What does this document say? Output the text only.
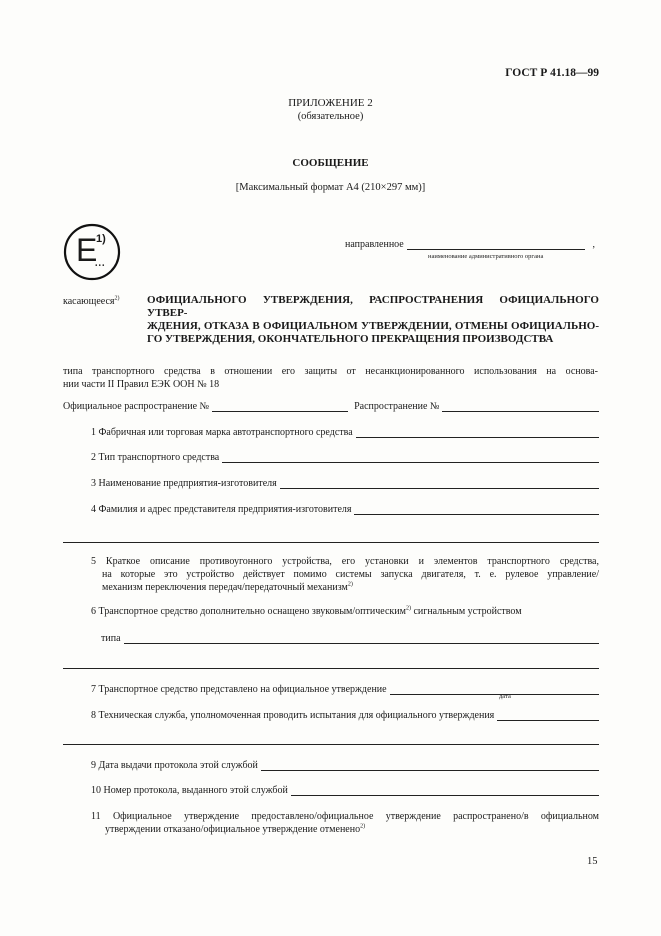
ГОСТ Р 41.18—99
ПРИЛОЖЕНИЕ 2
(обязательное)
СООБЩЕНИЕ
[Максимальный формат А4 (210×297 мм)]
E
1)
...
направленное	,
наименование административного органа
касающееся$^{2)}$	ОФИЦИАЛЬНОГО УТВЕРЖДЕНИЯ, РАСПРОСТРАНЕНИЯ ОФИЦИАЛЬНОГО УТВЕР-
ЖДЕНИЯ, ОТКАЗА В ОФИЦИАЛЬНОМ УТВЕРЖДЕНИИ, ОТМЕНЫ ОФИЦИАЛЬНО-
ГО УТВЕРЖДЕНИЯ, ОКОНЧАТЕЛЬНОГО ПРЕКРАЩЕНИЯ ПРОИЗВОДСТВА
типа транспортного средства в отношении его защиты от несанкционированного использования на основа-
нии части II Правил ЕЭК ООН № 18
Официальное распространение №	Распространение №
1 Фабричная или торговая марка автотранспортного средства
2 Тип транспортного средства
3 Наименование предприятия-изготовителя
4 Фамилия и адрес представителя предприятия-изготовителя
5 Краткое описание противоугонного устройства, его установки и элементов транспортного средства,
на которые это устройство действует помимо системы запуска двигателя, т. е. рулевое управление/
механизм переключения передач/передаточный механизм$^{2)}$
6 Транспортное средство дополнительно оснащено звуковым/оптическим$^{2)}$ сигнальным устройством
типа
7 Транспортное средство представлено на официальное утверждение
дата
8 Техническая служба, уполномоченная проводить испытания для официального утверждения
9 Дата выдачи протокола этой службой
10 Номер протокола, выданного этой службой
11 Официальное утверждение предоставлено/официальное утверждение распространено/в официальном
утверждении отказано/официальное утверждение отменено$^{2)}$
15
